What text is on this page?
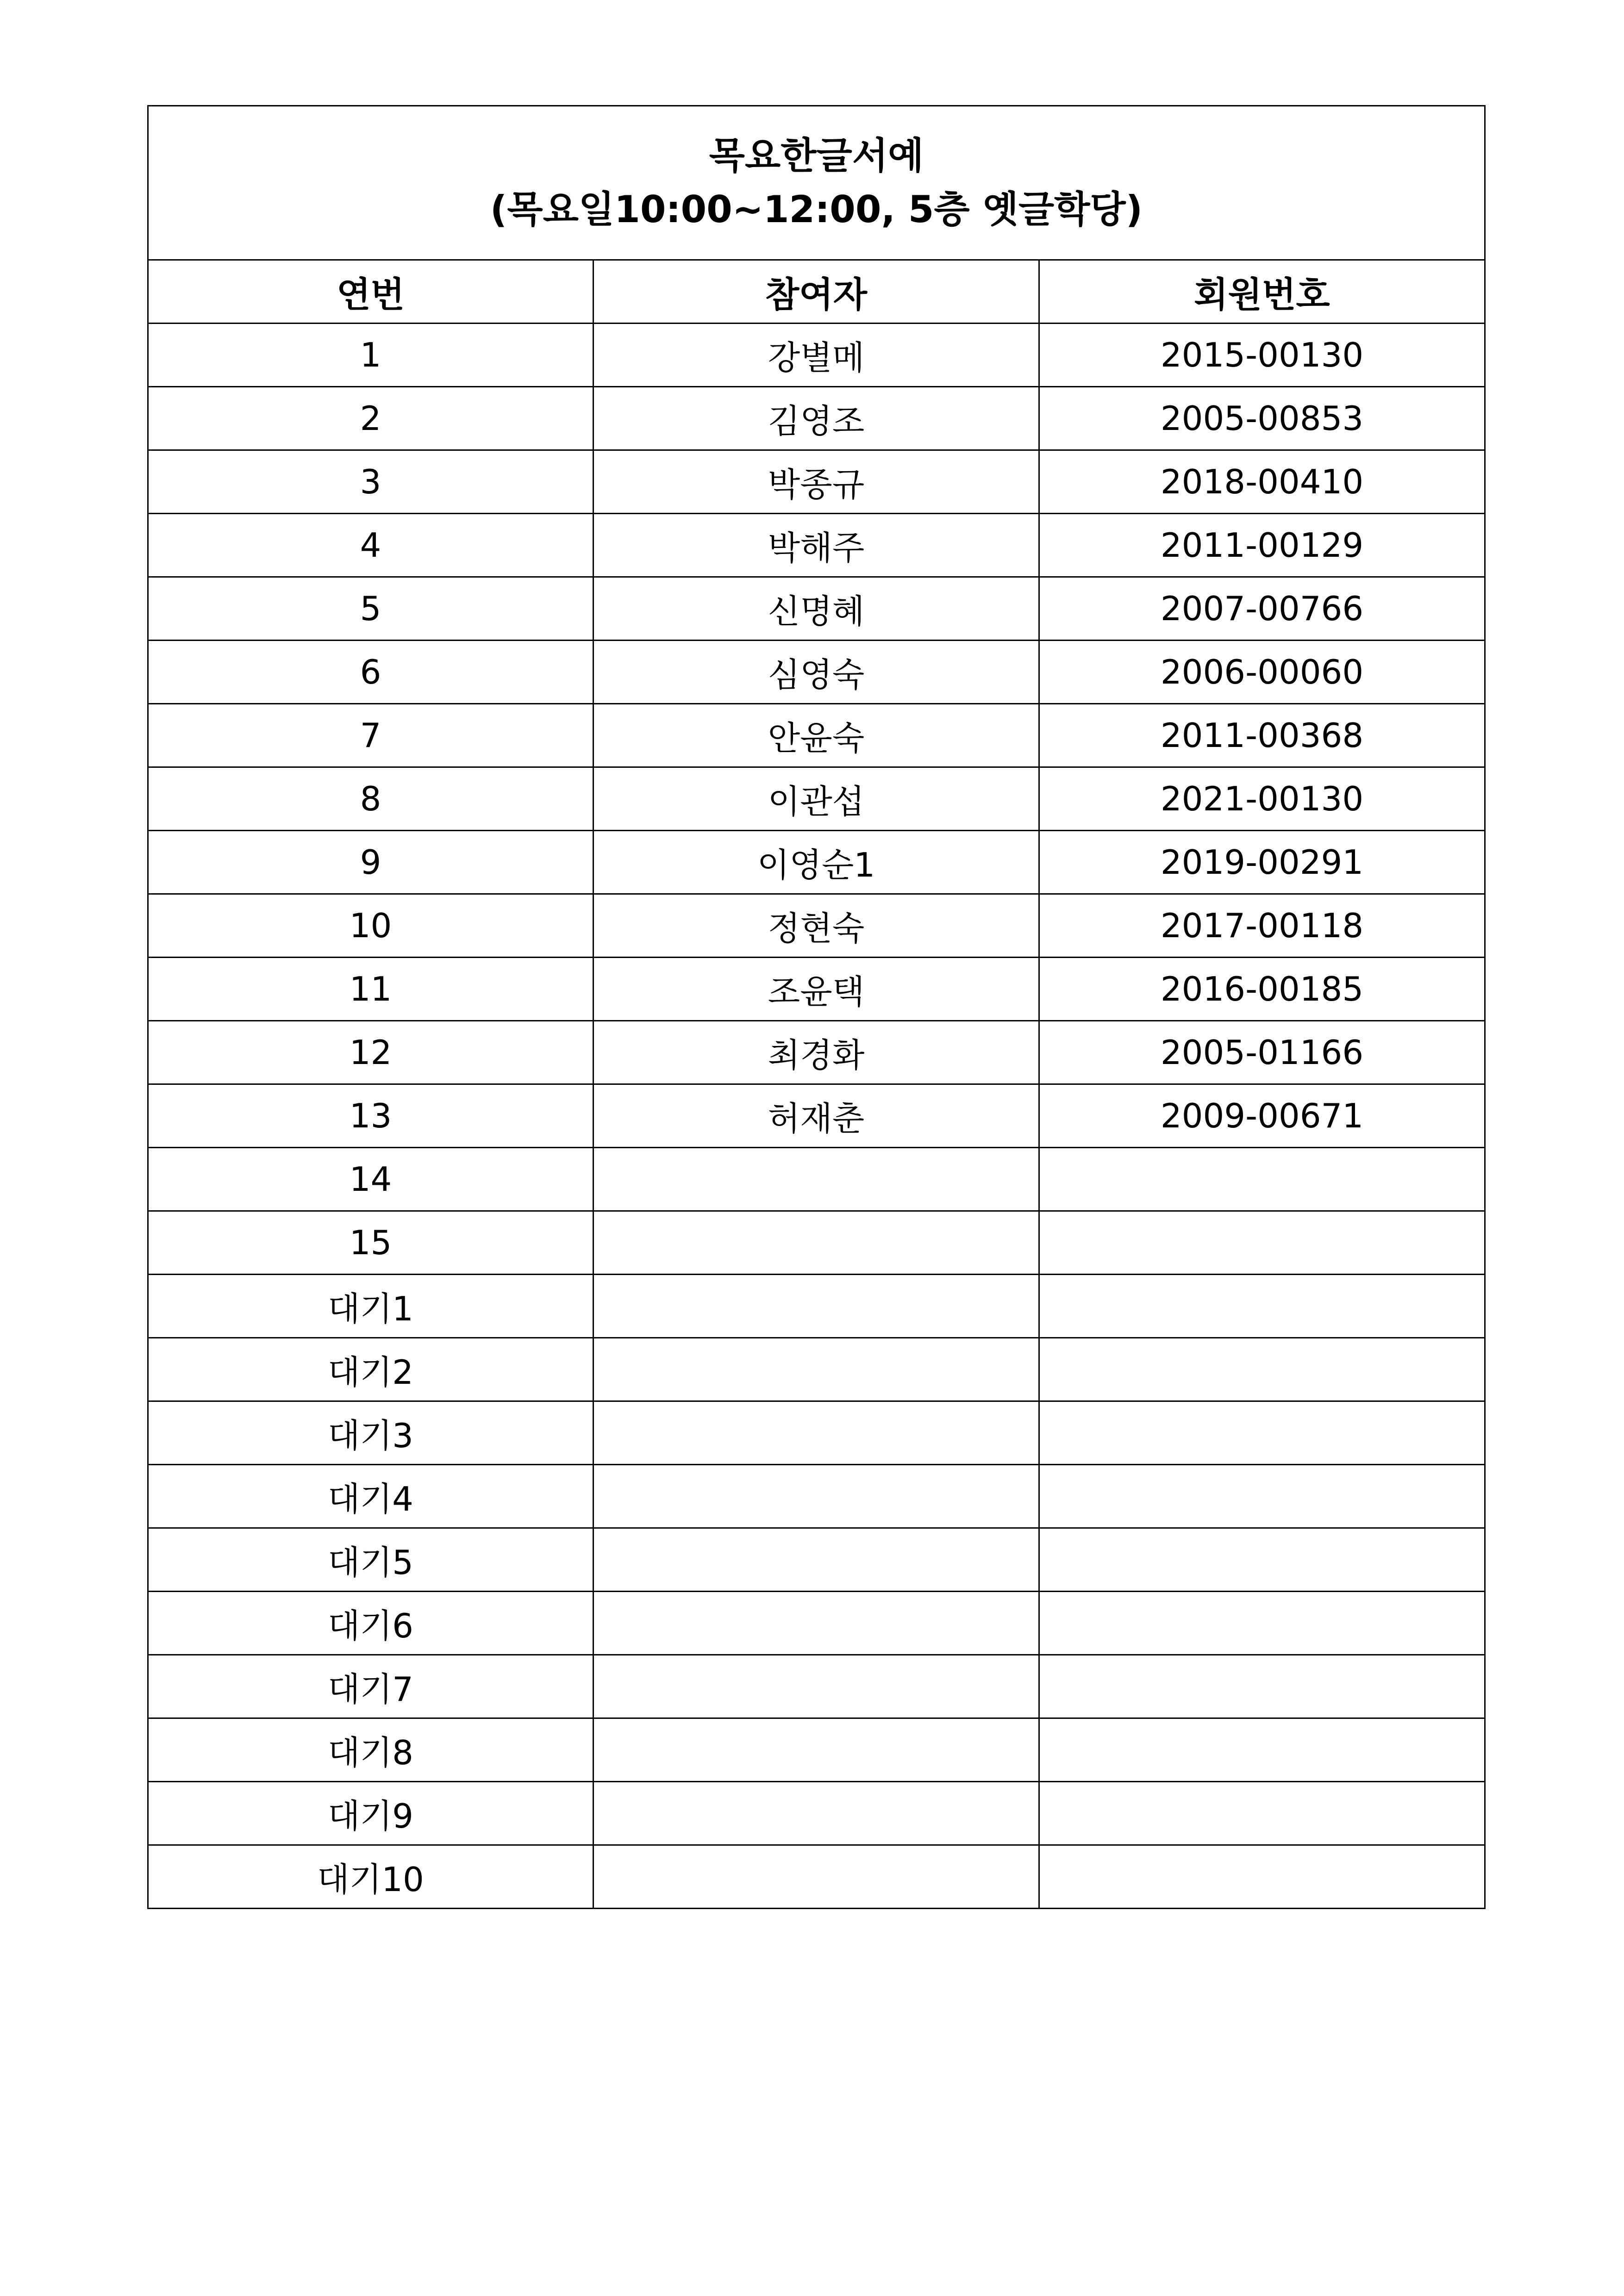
목요한글서예
(목요일10:00~12:00, 5층 옛글학당)		

연번	참여자	회원번호
1	강별메	2015-00130
2	김영조	2005-00853
3	박종규	2018-00410
4	박해주	2011-00129
5	신명혜	2007-00766
6	심영숙	2006-00060
7	안윤숙	2011-00368
8	이관섭	2021-00130
9	이영순1	2019-00291
10	정현숙	2017-00118
11	조윤택	2016-00185
12	최경화	2005-01166
13	허재춘	2009-00671
14		
15		
대기1		
대기2		
대기3		
대기4		
대기5		
대기6		
대기7		
대기8		
대기9		
대기10		
